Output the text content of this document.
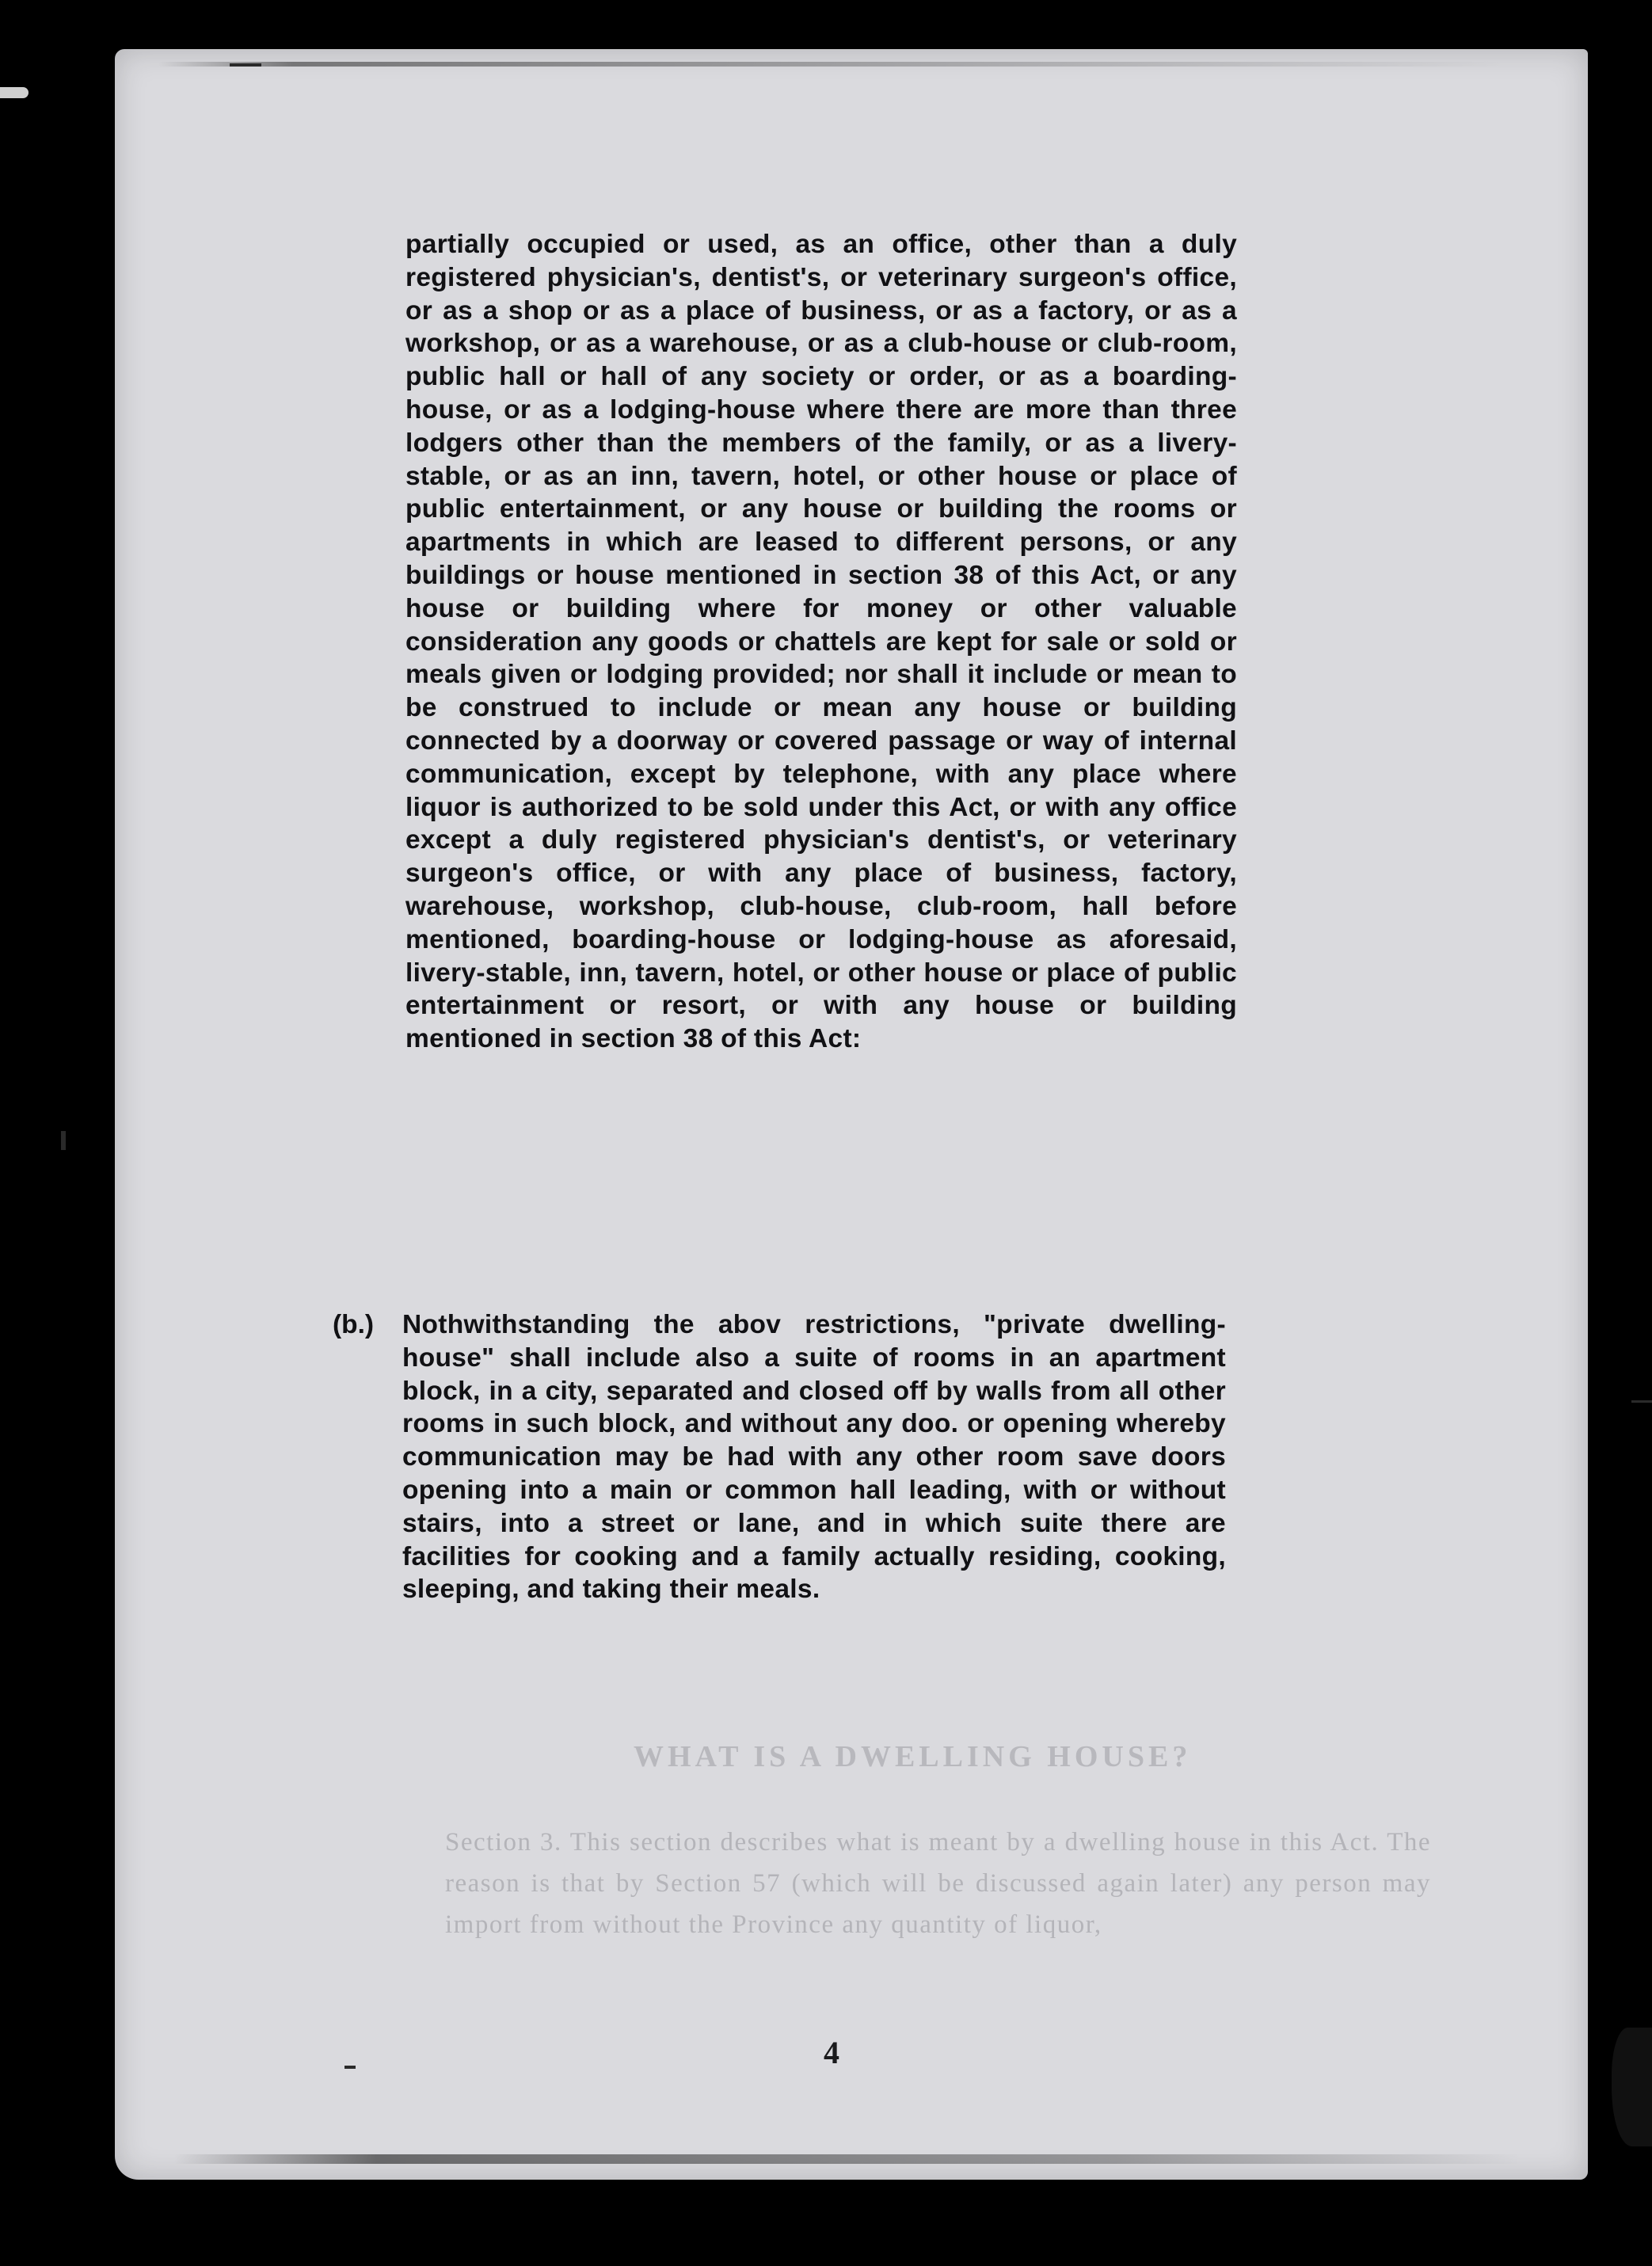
partially occupied or used, as an office, other than a duly registered physician's, dentist's, or veterinary surgeon's office, or as a shop or as a place of business, or as a factory, or as a workshop, or as a warehouse, or as a club-house or club-room, public hall or hall of any society or order, or as a boarding-house, or as a lodging-house where there are more than three lodgers other than the members of the family, or as a livery-stable, or as an inn, tavern, hotel, or other house or place of public entertainment, or any house or building the rooms or apartments in which are leased to different persons, or any buildings or house mentioned in section 38 of this Act, or any house or building where for money or other valuable consideration any goods or chattels are kept for sale or sold or meals given or lodging provided; nor shall it include or mean to be construed to include or mean any house or building connected by a doorway or covered passage or way of internal communication, except by telephone, with any place where liquor is authorized to be sold under this Act, or with any office except a duly registered physician's dentist's, or veterinary surgeon's office, or with any place of business, factory, warehouse, workshop, club-house, club-room, hall before mentioned, boarding-house or lodging-house as aforesaid, livery-stable, inn, tavern, hotel, or other house or place of public entertainment or resort, or with any house or building mentioned in section 38 of this Act:
(b.) Nothwithstanding the abov restrictions, "private dwelling-house" shall include also a suite of rooms in an apartment block, in a city, separated and closed off by walls from all other rooms in such block, and without any doo. or opening whereby communication may be had with any other room save doors opening into a main or common hall leading, with or without stairs, into a street or lane, and in which suite there are facilities for cooking and a family actually residing, cooking, sleeping, and taking their meals.
WHAT IS A DWELLING HOUSE?
Section 3. This section describes what is meant by a dwelling house in this Act. The reason is that by Section 57 (which will be discussed again later) any person may import from without the Province any quantity of liquor,
4
